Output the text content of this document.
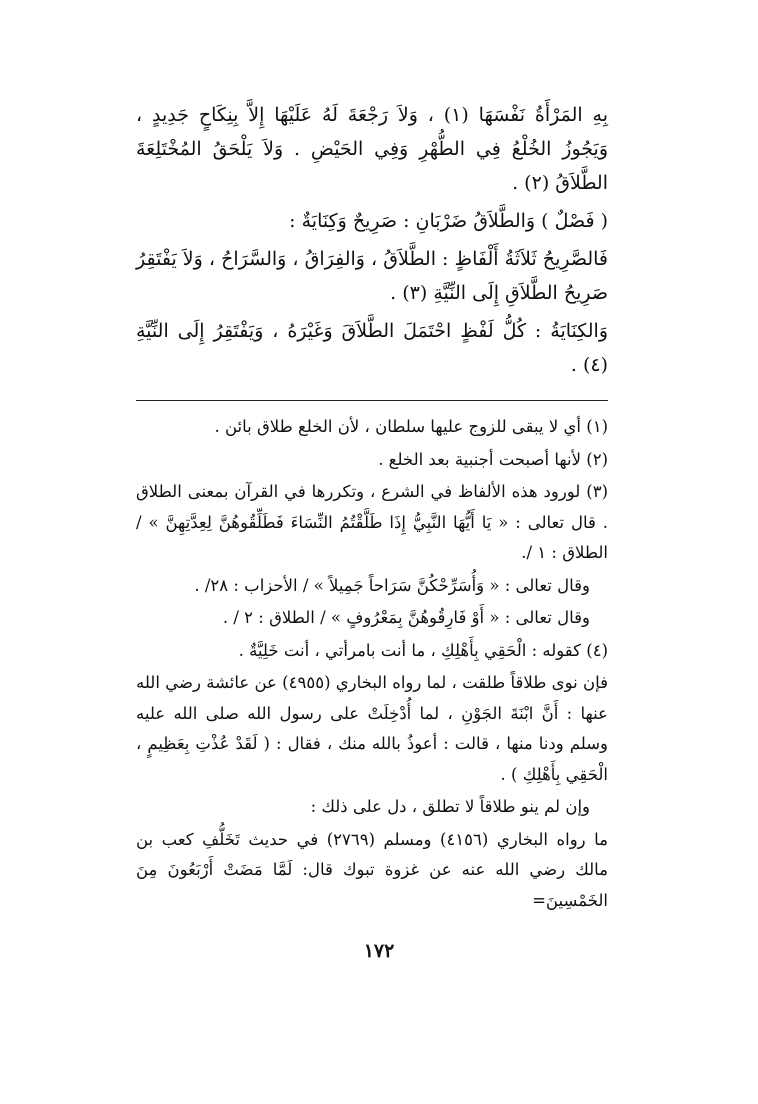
بِهِ المَرْأَةُ نَفْسَهَا (١) ، وَلاَ رَجْعَةَ لَهُ عَلَيْهَا إِلاَّ بِنِكَاحٍ جَدِيدٍ ، وَيَجُوزُ الخُلْعُ فِي الطُّهْرِ وَفِي الحَيْضِ . وَلاَ يَلْحَقُ المُخْتَلِعَةَ الطَّلاَقُ (٢) .

( فَصْلٌ ) وَالطَّلاَقُ ضَرْبَانِ : صَرِيحٌ وَكِنَايَةٌ :

فَالصَّرِيحُ ثَلاَثَةُ أَلْفَاظٍ : الطَّلاَقُ ، وَالفِرَاقُ ، وَالسَّرَاحُ ، وَلاَ يَفْتَقِرُ صَرِيحُ الطَّلاَقِ إِلَى النِّيَّةِ (٣) .

وَالكِنَايَةُ : كُلُّ لَفْظٍ احْتَمَلَ الطَّلاَقَ وَغَيْرَهُ ، وَيَفْتَقِرُ إِلَى النِّيَّةِ (٤) .

(١) أي لا يبقى للزوج عليها سلطان ، لأن الخلع طلاق بائن .

(٢) لأنها أصبحت أجنبية بعد الخلع .

(٣) لورود هذه الألفاظ في الشرع ، وتكررها في القرآن بمعنى الطلاق . قال تعالى : « يَا أَيُّهَا النَّبِيُّ إِذَا طَلَّقْتُمُ النِّسَاءَ فَطَلِّقُوهُنَّ لِعِدَّتِهِنَّ » / الطلاق : ١ /.

وقال تعالى : « وَأُسَرِّحْكُنَّ سَرَاحاً جَمِيلاً » / الأحزاب : ٢٨/ .

وقال تعالى : « أَوْ فَارِقُوهُنَّ بِمَعْرُوفٍ » / الطلاق : ٢ / .

(٤) كقوله : الْحَقِي بِأَهْلِكِ ، ما أنت بامرأتي ، أنت خَلِيَّةٌ .

فإن نوى طلاقاً طلقت ، لما رواه البخاري (٤٩٥٥) عن عائشة رضي الله عنها : أَنَّ ابْنَةَ الجَوْنِ ، لما أُدْخِلَتْ على رسول الله صلى الله عليه وسلم ودنا منها ، قالت : أعوذُ بالله منك ، فقال : ( لَقَدْ عُذْتِ بِعَظِيمٍ ، الْحَقِي بِأَهْلِكِ ) .

وإن لم ينو طلاقاً لا تطلق ، دل على ذلك :

ما رواه البخاري (٤١٥٦) ومسلم (٢٧٦٩) في حديث تَخَلُّفِ كعب بن مالك رضي الله عنه عن غزوة تبوك قال: لَمَّا مَضَتْ أَرْبَعُونَ مِنَ الخَمْسِينَ=

١٧٢
